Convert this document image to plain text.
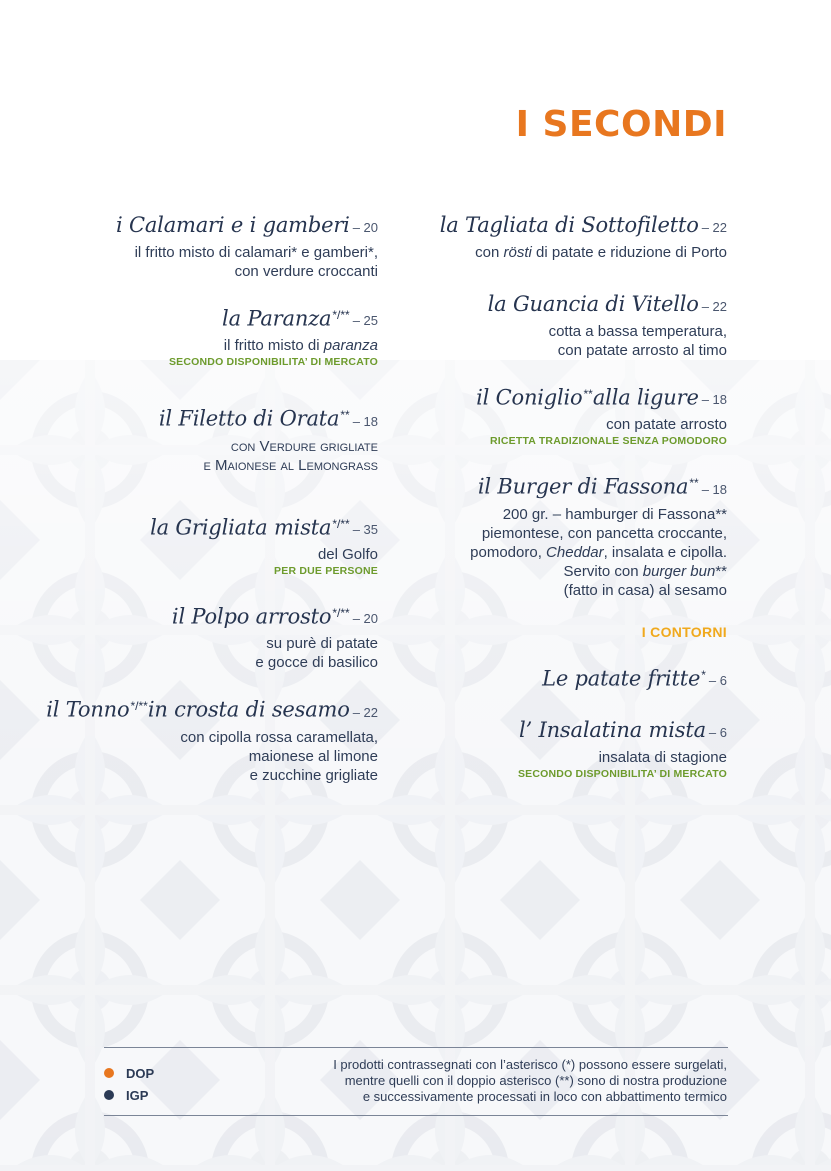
I SECONDI
i Calamari e i gamberi – 20
il fritto misto di calamari* e gamberi*,
con verdure croccanti
la Paranza*/** – 25
il fritto misto di paranza
SECONDO DISPONIBILITA’ DI MERCATO
il Filetto di Orata** – 18
con Verdure grigliate
e Maionese al Lemongrass
la Grigliata mista*/** – 35
del Golfo
PER DUE PERSONE
il Polpo arrosto*/** – 20
su purè di patate
e gocce di basilico
il Tonno*/**in crosta di sesamo – 22
con cipolla rossa caramellata,
maionese al limone
e zucchine grigliate
la Tagliata di Sottofiletto – 22
con rösti di patate e riduzione di Porto
la Guancia di Vitello – 22
cotta a bassa temperatura,
con patate arrosto al timo
il Coniglio**alla ligure – 18
con patate arrosto
RICETTA TRADIZIONALE SENZA POMODORO
il Burger di Fassona** – 18
200 gr. – hamburger di Fassona**
piemontese, con pancetta croccante,
pomodoro, Cheddar, insalata e cipolla.
Servito con burger bun**
(fatto in casa) al sesamo
I CONTORNI
Le patate fritte* – 6
l’ Insalatina mista – 6
insalata di stagione
SECONDO DISPONIBILITA’ DI MERCATO
DOP
IGP
I prodotti contrassegnati con l’asterisco (*) possono essere surgelati,
mentre quelli con il doppio asterisco (**) sono di nostra produzione
e successivamente processati in loco con abbattimento termico
